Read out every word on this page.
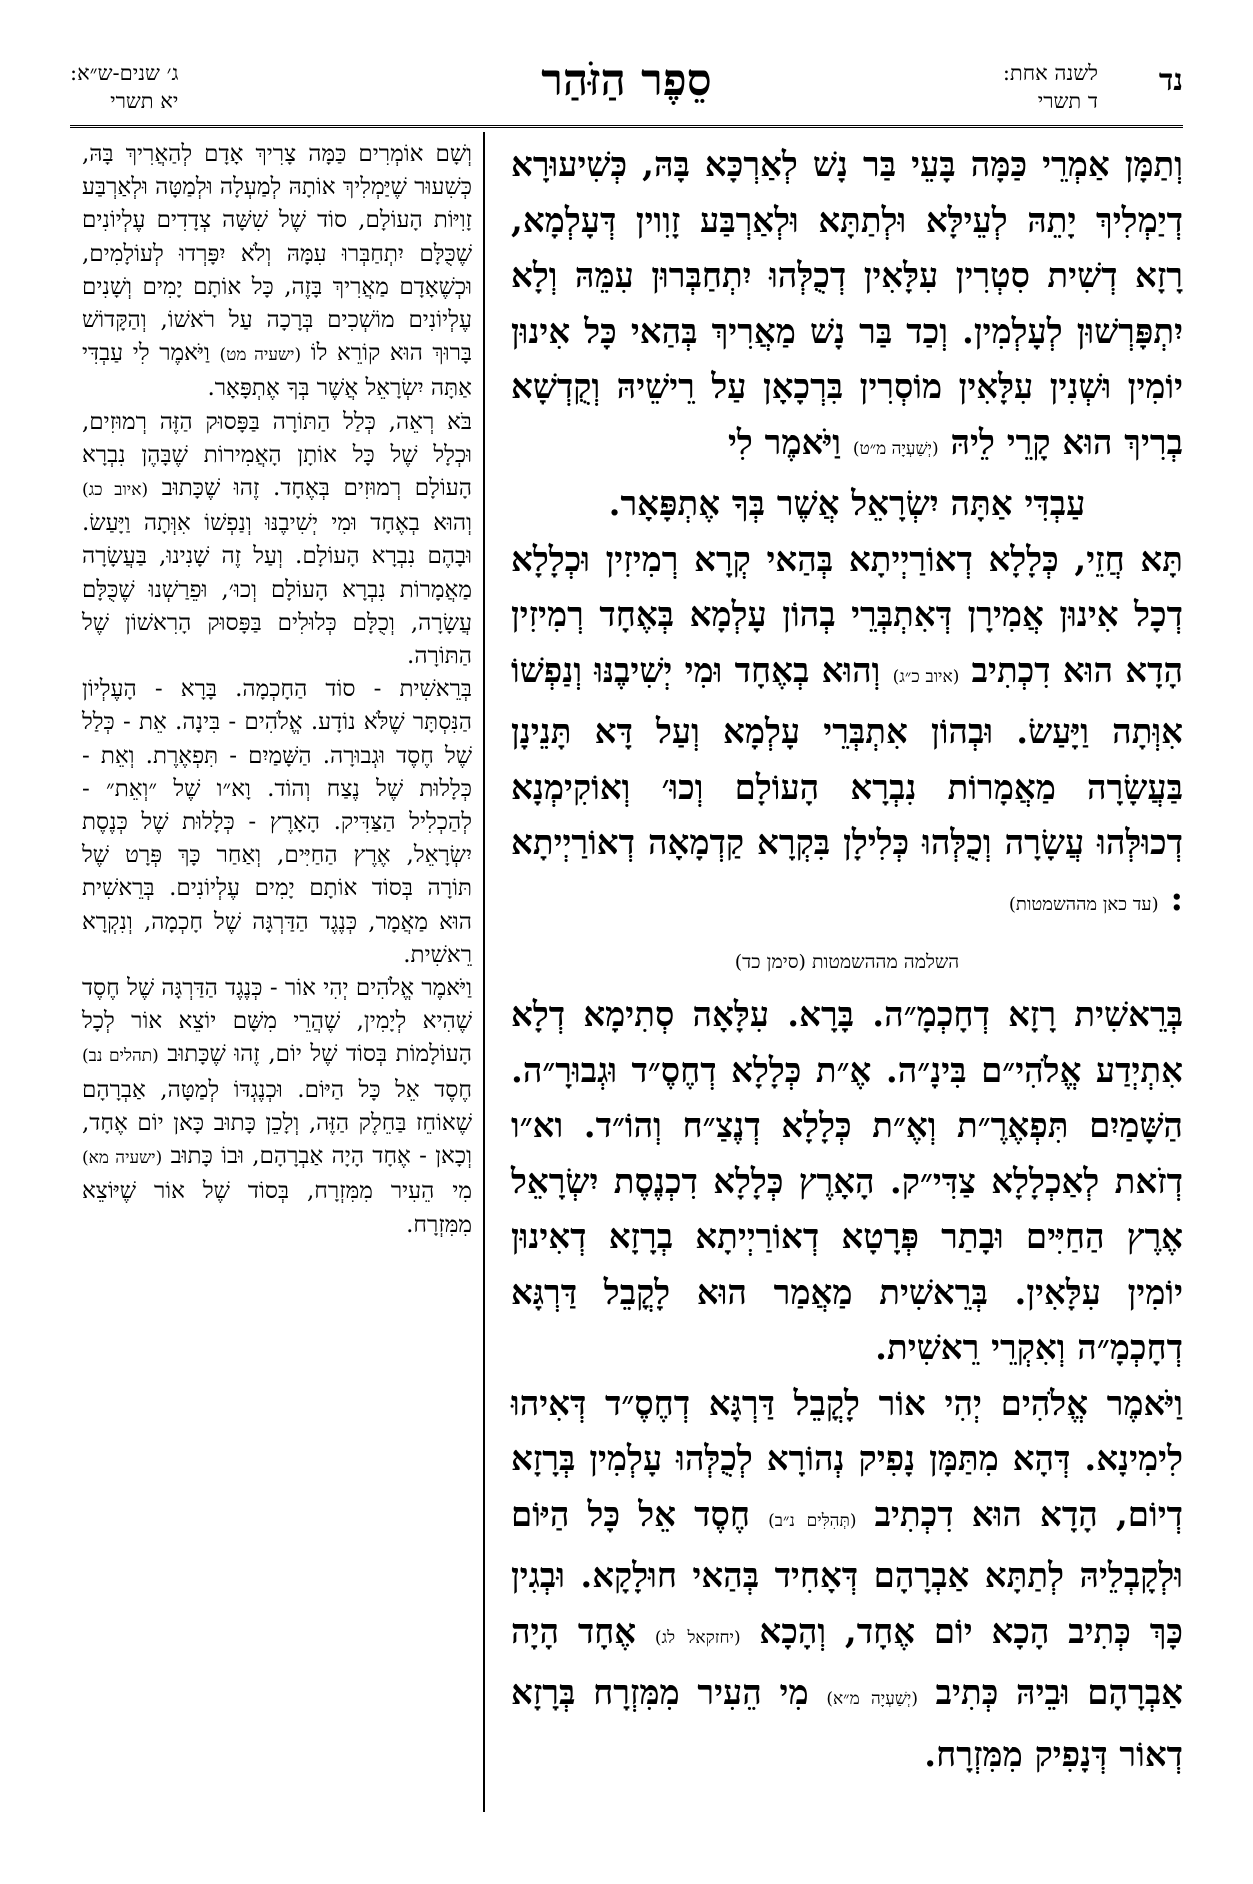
נד
לשנה אחת:
ד תשרי
סֵפֶר הַזֹּהַר
ג׳ שנים-ש״א:
יא תשרי

וְתַמָּן אַמְרֵי כַּמָּה בָּעֵי בַּר נָשׁ לְאַרְכָּא בָּהּ, כְּשִׁיעוּרָא דְיַמְלִיךְ יָתֵהּ לְעֵילָּא וּלְתַתָּא וּלְאַרְבַּע זָוִוין דְּעָלְמָא, רָזָא דְשִׁית סִטְרִין עִלָּאִין דְכֻלְּהוּ יִתְחַבְּרוּן עִמֵּהּ וְלָא יִתְפָּרְשׁוּן לְעָלְמִין. וְכַד בַּר נָשׁ מַאֲרִיךְ בְּהַאי כָּל אִינוּן יוֹמִין וּשְׁנִין עִלָּאִין מוֹסְרִין בִּרְכָאָן עַל רֵישֵׁיהּ וְקֻדְשָׁא בְרִיךְ הוּא קָרֵי לֵיהּ (יְשַׁעְיָה מ״ט) וַיֹּאמֶר לִי

עַבְדִּי אַתָּה יִשְׂרָאֵל אֲשֶׁר בְּךָ אֶתְפָּאָר.

תָּא חֲזֵי, כְּלָלָא דְאוֹרַיְיתָא בְּהַאי קְרָא רְמִיזִין וּכְלָלָא דְכָל אִינוּן אֲמִירָן דְּאִתְבְּרֵי בְהוֹן עָלְמָא בְּאֶחָד רְמִיזִין הָדָא הוּא דִכְתִיב (איוב כ״ג) וְהוּא בְאֶחָד וּמִי יְשִׁיבֶנּוּ וְנַפְשׁוֹ אִוְּתָה וַיָּעַשׂ. וּבְהוֹן אִתְבְּרֵי עָלְמָא וְעַל דָּא תָּנֵינָן בַּעֲשָׂרָה מַאֲמָרוֹת נִבְרָא הָעוֹלָם וְכוּ׳ וְאוֹקִימְנָא דְכוּלְּהוּ עֲשָׂרָה וְכֻלְּהוּ כְּלִילָן בִּקְרָא קַדְמָאָה דְאוֹרַיְיתָא : (עד כאן מההשמטות)

השלמה מההשמטות (סימן כד)

בְּרֵאשִׁית רָזָא דְחָכְמָ״ה. בָּרָא. עִלָּאָה סְתִימָא דְלָא אִתְיְדַע אֱלֹהִי״ם בִּינָ״ה. אֶ״ת כְּלָלָא דְחֶסֶ״ד וּגְבוּרָ״ה. הַשָּׁמַיִם תִּפְאֶרֶ״ת וְאֶ״ת כְּלָלָא דְנֶצַ״ח וְהוֹ״ד. וא״ו דְזֹאת לְאַכְלָלָא צַדִּי״ק. הָאָרֶץ כְּלָלָא דִכְנֶסֶת יִשְׂרָאֵל אֶרֶץ הַחַיִּים וּבָתַר פְּרָטָא דְאוֹרַיְיתָא בְרָזָא דְאִינוּן יוֹמִין עִלָּאִין. בְּרֵאשִׁית מַאֲמַר הוּא לָקֳבֵל דַּרְגָּא דְחָכְמָ״ה וְאִקְרֵי רֵאשִׁית.

וַיֹּאמֶר אֱלֹהִים יְהִי אוֹר לָקֳבֵל דַּרְגָּא דְחֶסֶ״ד דְּאִיהוּ לִימִינָא. דְּהָא מִתַּמָּן נָפִיק נְהוֹרָא לְכֻלְּהוּ עָלְמִין בְּרָזָא דְיוֹם, הָדָא הוּא דִכְתִיב (תְּהִלִּים נ״ב) חֶסֶד אֵל כָּל הַיּוֹם וּלְקָבְלֵיהּ לְתַתָּא אַבְרָהָם דְּאָחִיד בְּהַאי חוּלָקָא. וּבְגִין כָּךְ כְּתִיב הָכָא יוֹם אֶחָד, וְהָכָא (יחזקאל לג) אֶחָד הָיָה אַבְרָהָם וּבֵיהּ כְּתִיב (יְשַׁעְיָה מ״א) מִי הֵעִיר מִמִּזְרָח בְּרָזָא דְאוֹר דְּנָפִיק מִמִּזְרָח.

וְשָׁם אוֹמְרִים כַּמָּה צָרִיךְ אָדָם לְהַאֲרִיךְ בָּהּ, כְּשִׁעוּר שֶׁיַּמְלִיךְ אוֹתָהּ לְמַעְלָה וּלְמַטָּה וּלְאַרְבַּע זָוִיּוֹת הָעוֹלָם, סוֹד שֶׁל שִׁשָּׁה צְדָדִים עֶלְיוֹנִים שֶׁכֻּלָּם יִתְחַבְּרוּ עִמָּהּ וְלֹא יִפָּרְדוּ לְעוֹלָמִים, וּכְשֶׁאָדָם מַאֲרִיךְ בָּזֶה, כָּל אוֹתָם יָמִים וְשָׁנִים עֶלְיוֹנִים מוֹשְׁכִים בְּרָכָה עַל רֹאשׁוֹ, וְהַקָּדוֹשׁ בָּרוּךְ הוּא קוֹרֵא לוֹ (ישעיה מט) וַיֹּאמֶר לִי עַבְדִּי אַתָּה יִשְׂרָאֵל אֲשֶׁר בְּךָ אֶתְפָּאָר.

בֹּא רְאֵה, כְּלַל הַתּוֹרָה בַּפָּסוּק הַזֶּה רְמוּזִים, וּכְלָל שֶׁל כָּל אוֹתָן הָאֲמִירוֹת שֶׁבָּהֶן נִבְרָא הָעוֹלָם רְמוּזִים בְּאֶחָד. זֶהוּ שֶׁכָּתוּב (איוב כג) וְהוּא בְאֶחָד וּמִי יְשִׁיבֶנּוּ וְנַפְשׁוֹ אִוְּתָה וַיָּעַשׂ. וּבָהֶם נִבְרָא הָעוֹלָם. וְעַל זֶה שָׁנִינוּ, בַּעֲשָׂרָה מַאֲמָרוֹת נִבְרָא הָעוֹלָם וְכוּ׳, וּפֵרַשְׁנוּ שֶׁכֻּלָּם עֲשָׂרָה, וְכֻלָּם כְּלוּלִים בַּפָּסוּק הָרִאשׁוֹן שֶׁל הַתּוֹרָה.

בְּרֵאשִׁית - סוֹד הַחָכְמָה. בָּרָא - הָעֶלְיוֹן הַנִּסְתָּר שֶׁלֹּא נוֹדָע. אֱלֹהִים - בִּינָה. אֵת - כְּלַל שֶׁל חֶסֶד וּגְבוּרָה. הַשָּׁמַיִם - תִּפְאֶרֶת. וְאֵת - כְּלָלוּת שֶׁל נֶצַח וְהוֹד. וָא״ו שֶׁל ״וְאֵת״ - לְהַכְלִיל הַצַּדִּיק. הָאָרֶץ - כְּלָלוּת שֶׁל כְּנֶסֶת יִשְׂרָאֵל, אֶרֶץ הַחַיִּים, וְאַחַר כָּךְ פְּרָט שֶׁל תּוֹרָה בְּסוֹד אוֹתָם יָמִים עֶלְיוֹנִים. בְּרֵאשִׁית הוּא מַאֲמָר, כְּנֶגֶד הַדַּרְגָּה שֶׁל חָכְמָה, וְנִקְרָא רֵאשִׁית.

וַיֹּאמֶר אֱלֹהִים יְהִי אוֹר - כְּנֶגֶד הַדַּרְגָּה שֶׁל חֶסֶד שֶׁהִיא לְיָמִין, שֶׁהֲרֵי מִשָּׁם יוֹצֵא אוֹר לְכָל הָעוֹלָמוֹת בְּסוֹד שֶׁל יוֹם, זֶהוּ שֶׁכָּתוּב (תהלים נב) חֶסֶד אֵל כָּל הַיּוֹם. וּכְנֶגְדּוֹ לְמַטָּה, אַבְרָהָם שֶׁאוֹחֵז בַּחֵלֶק הַזֶּה, וְלָכֵן כָּתוּב כָּאן יוֹם אֶחָד, וְכָאן - אֶחָד הָיָה אַבְרָהָם, וּבוֹ כָּתוּב (ישעיה מא) מִי הֵעִיר מִמִּזְרָח, בְּסוֹד שֶׁל אוֹר שֶׁיּוֹצֵא מִמִּזְרָח.
